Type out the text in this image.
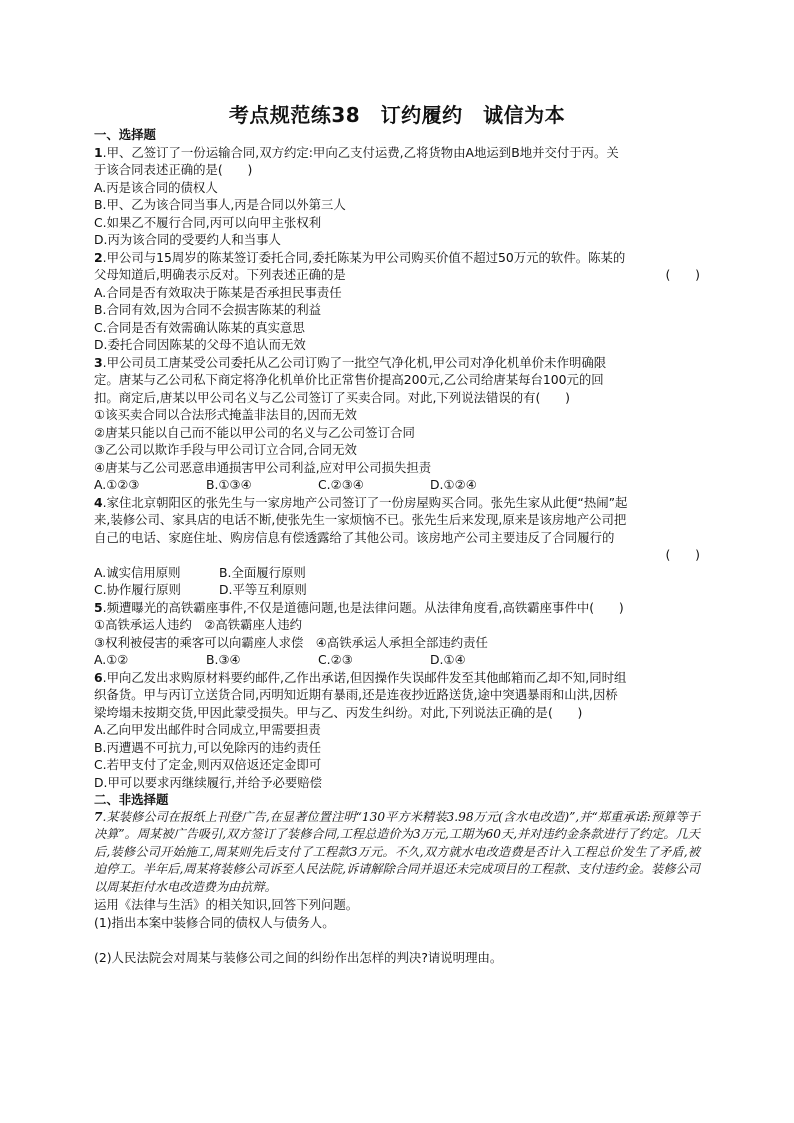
考点规范练38　订约履约　诚信为本
一、选择题
1.甲、乙签订了一份运输合同,双方约定:甲向乙支付运费,乙将货物由A地运到B地并交付于丙。关
于该合同表述正确的是(　　)
A.丙是该合同的债权人
B.甲、乙为该合同当事人,丙是合同以外第三人
C.如果乙不履行合同,丙可以向甲主张权利
D.丙为该合同的受要约人和当事人
2.甲公司与15周岁的陈某签订委托合同,委托陈某为甲公司购买价值不超过50万元的软件。陈某的
父母知道后,明确表示反对。下列表述正确的是	(　　)
A.合同是否有效取决于陈某是否承担民事责任
B.合同有效,因为合同不会损害陈某的利益
C.合同是否有效需确认陈某的真实意思
D.委托合同因陈某的父母不追认而无效
3.甲公司员工唐某受公司委托从乙公司订购了一批空气净化机,甲公司对净化机单价未作明确限
定。唐某与乙公司私下商定将净化机单价比正常售价提高200元,乙公司给唐某每台100元的回
扣。商定后,唐某以甲公司名义与乙公司签订了买卖合同。对此,下列说法错误的有(　　)
①该买卖合同以合法形式掩盖非法目的,因而无效
②唐某只能以自己而不能以甲公司的名义与乙公司签订合同
③乙公司以欺诈手段与甲公司订立合同,合同无效
④唐某与乙公司恶意串通损害甲公司利益,应对甲公司损失担责
A.①②③	B.①③④	C.②③④	D.①②④
4.家住北京朝阳区的张先生与一家房地产公司签订了一份房屋购买合同。张先生家从此便“热闹”起
来,装修公司、家具店的电话不断,使张先生一家烦恼不已。张先生后来发现,原来是该房地产公司把
自己的电话、家庭住址、购房信息有偿透露给了其他公司。该房地产公司主要违反了合同履行的
(　　)
A.诚实信用原则	B.全面履行原则
C.协作履行原则	D.平等互利原则
5.频遭曝光的高铁霸座事件,不仅是道德问题,也是法律问题。从法律角度看,高铁霸座事件中(　　)
①高铁承运人违约　②高铁霸座人违约
③权利被侵害的乘客可以向霸座人求偿　④高铁承运人承担全部违约责任
A.①②	B.③④	C.②③	D.①④
6.甲向乙发出求购原材料要约邮件,乙作出承诺,但因操作失误邮件发至其他邮箱而乙却不知,同时组
织备货。甲与丙订立送货合同,丙明知近期有暴雨,还是连夜抄近路送货,途中突遇暴雨和山洪,因桥
梁垮塌未按期交货,甲因此蒙受损失。甲与乙、丙发生纠纷。对此,下列说法正确的是(　　)
A.乙向甲发出邮件时合同成立,甲需要担责
B.丙遭遇不可抗力,可以免除丙的违约责任
C.若甲支付了定金,则丙双倍返还定金即可
D.甲可以要求丙继续履行,并给予必要赔偿
二、非选择题
7.某装修公司在报纸上刊登广告,在显著位置注明“130平方米精装3.98万元(含水电改造)”,并“郑重承诺:预算等于决算”。周某被广告吸引,双方签订了装修合同,工程总造价为3万元,工期为60天,并对违约金条款进行了约定。几天后,装修公司开始施工,周某则先后支付了工程款3万元。不久,双方就水电改造费是否计入工程总价发生了矛盾,被迫停工。半年后,周某将装修公司诉至人民法院,诉请解除合同并退还未完成项目的工程款、支付违约金。装修公司以周某拒付水电改造费为由抗辩。
运用《法律与生活》的相关知识,回答下列问题。
(1)指出本案中装修合同的债权人与债务人。
(2)人民法院会对周某与装修公司之间的纠纷作出怎样的判决?请说明理由。
